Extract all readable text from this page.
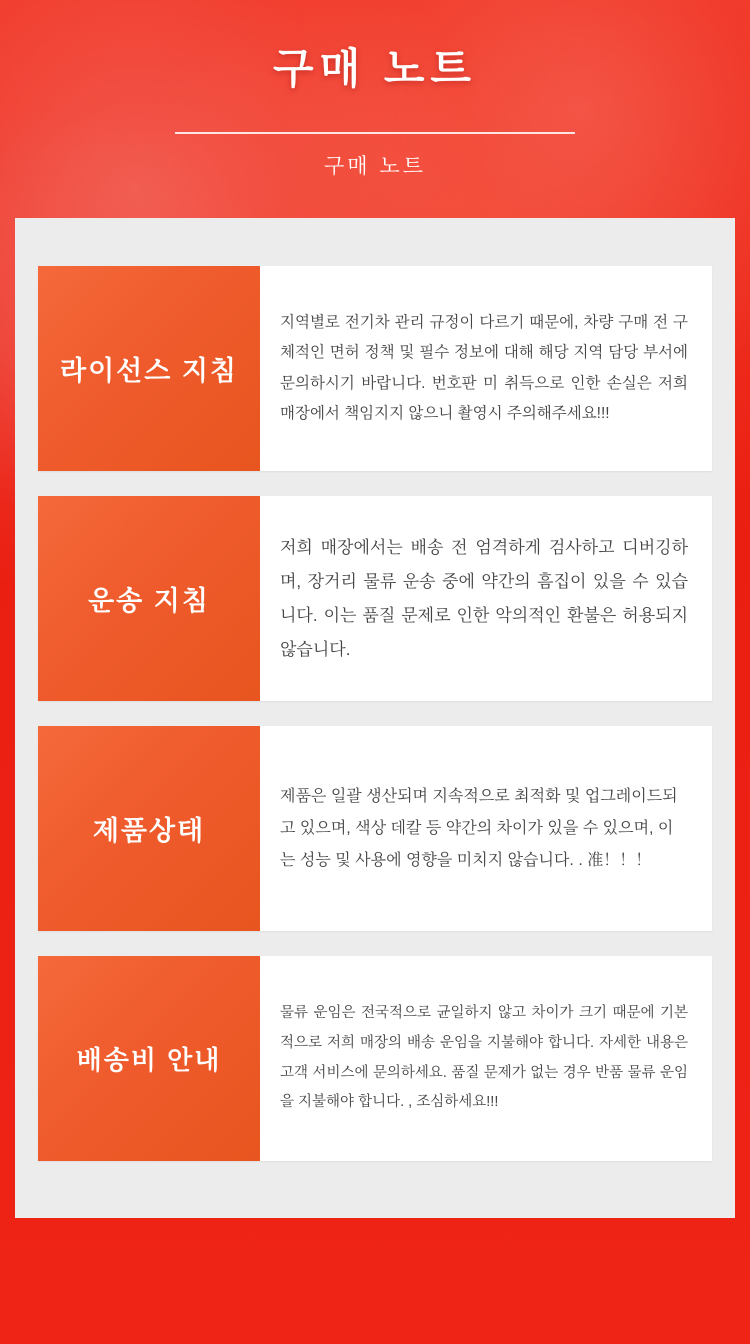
구매 노트
구매 노트
라이선스 지침
지역별로 전기차 관리 규정이 다르기 때문에, 차량 구매 전 구체적인 면허 정책 및 필수 정보에 대해 해당 지역 담당 부서에 문의하시기 바랍니다. 번호판 미 취득으로 인한 손실은 저희 매장에서 책임지지 않으니 촬영시 주의해주세요!!!
운송 지침
저희 매장에서는 배송 전 엄격하게 검사하고 디버깅하며, 장거리 물류 운송 중에 약간의 흠집이 있을 수 있습니다. 이는 품질 문제로 인한 악의적인 환불은 허용되지 않습니다.
제품상태
제품은 일괄 생산되며 지속적으로 최적화 및 업그레이드되고 있으며, 색상 데칼 등 약간의 차이가 있을 수 있으며, 이는 성능 및 사용에 영향을 미치지 않습니다. . 准！！！
배송비 안내
물류 운임은 전국적으로 균일하지 않고 차이가 크기 때문에 기본적으로 저희 매장의 배송 운임을 지불해야 합니다. 자세한 내용은 고객 서비스에 문의하세요. 품질 문제가 없는 경우 반품 물류 운임을 지불해야 합니다. , 조심하세요!!!
